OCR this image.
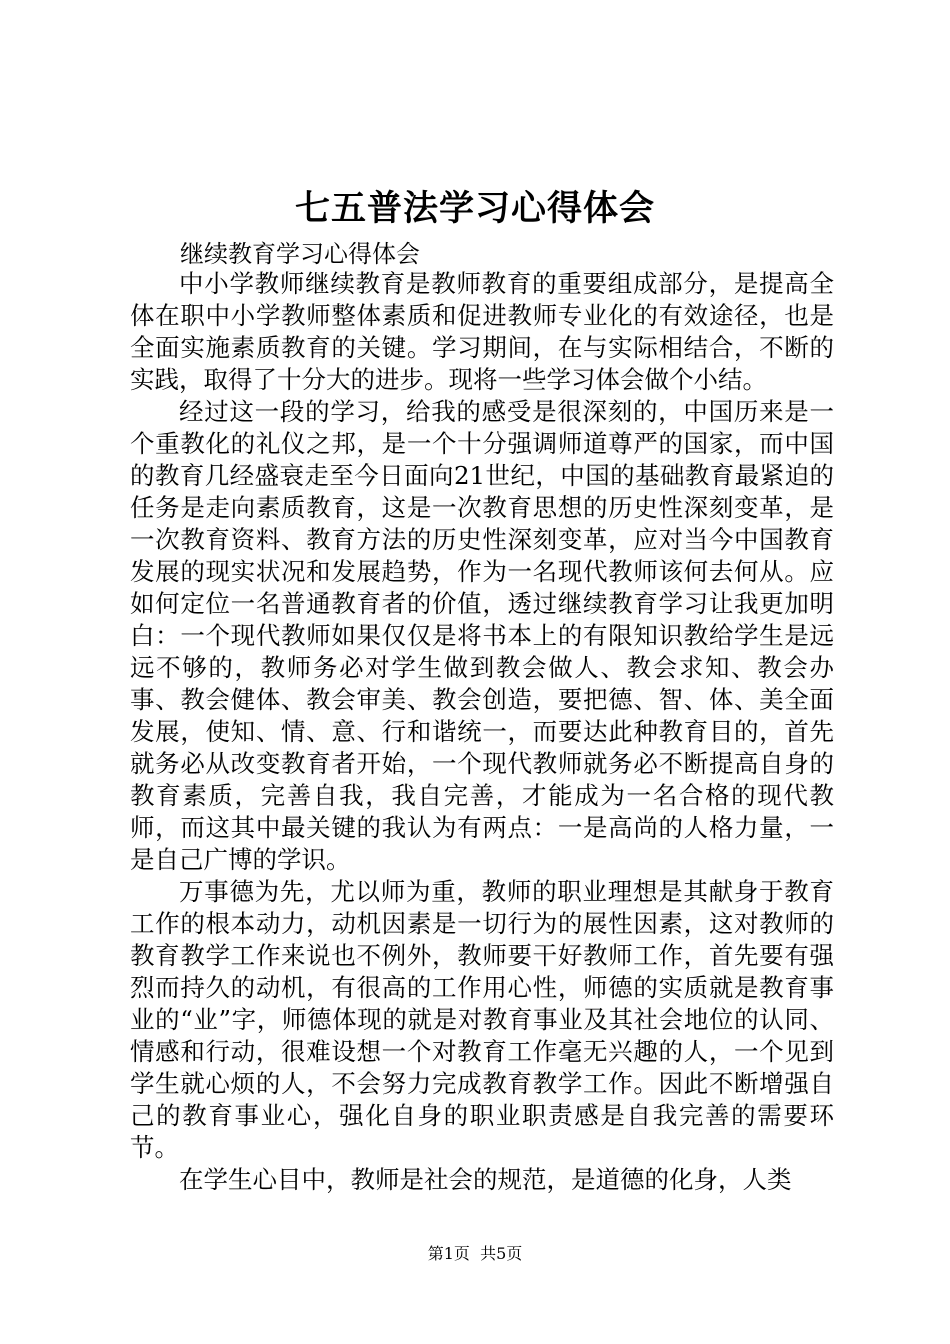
七五普法学习心得体会
继续教育学习心得体会

中小学教师继续教育是教师教育的重要组成部分，是提高全体在职中小学教师整体素质和促进教师专业化的有效途径，也是全面实施素质教育的关键。学习期间，在与实际相结合，不断的实践，取得了十分大的进步。现将一些学习体会做个小结。

经过这一段的学习，给我的感受是很深刻的，中国历来是一个重教化的礼仪之邦，是一个十分强调师道尊严的国家，而中国的教育几经盛衰走至今日面向21世纪，中国的基础教育最紧迫的任务是走向素质教育，这是一次教育思想的历史性深刻变革，是一次教育资料、教育方法的历史性深刻变革，应对当今中国教育发展的现实状况和发展趋势，作为一名现代教师该何去何从。应如何定位一名普通教育者的价值，透过继续教育学习让我更加明白：一个现代教师如果仅仅是将书本上的有限知识教给学生是远远不够的，教师务必对学生做到教会做人、教会求知、教会办事、教会健体、教会审美、教会创造，要把德、智、体、美全面发展，使知、情、意、行和谐统一，而要达此种教育目的，首先就务必从改变教育者开始，一个现代教师就务必不断提高自身的教育素质，完善自我，我自完善，才能成为一名合格的现代教师，而这其中最关键的我认为有两点：一是高尚的人格力量，一是自己广博的学识。

万事德为先，尤以师为重，教师的职业理想是其献身于教育工作的根本动力，动机因素是一切行为的展性因素，这对教师的教育教学工作来说也不例外，教师要干好教师工作，首先要有强烈而持久的动机，有很高的工作用心性，师德的实质就是教育事业的“业”字，师德体现的就是对教育事业及其社会地位的认同、情感和行动，很难设想一个对教育工作毫无兴趣的人，一个见到学生就心烦的人，不会努力完成教育教学工作。因此不断增强自己的教育事业心，强化自身的职业职责感是自我完善的需要环节。

在学生心目中，教师是社会的规范，是道德的化身，人类

第1页  共5页
